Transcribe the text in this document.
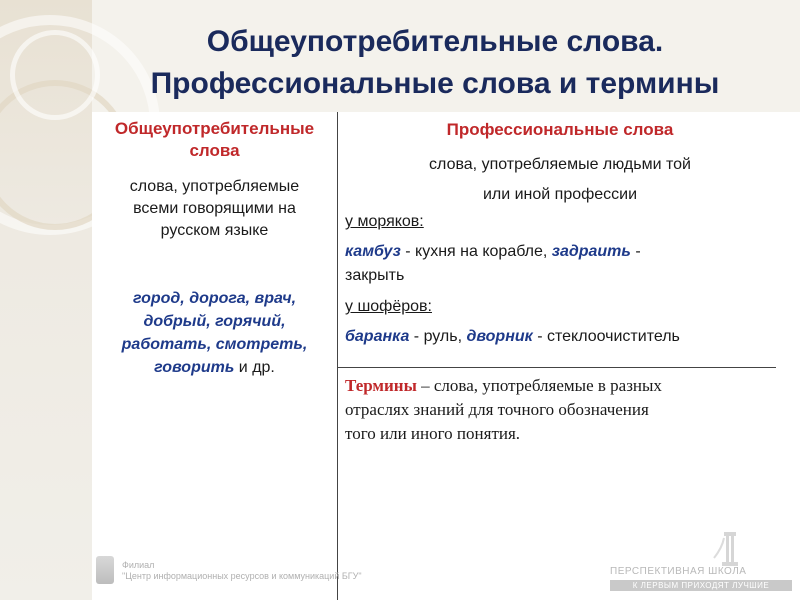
Общеупотребительные слова.
Профессиональные слова и термины
Общеупотребительные
слова
слова, употребляемые
всеми говорящими на
русском языке
город, дорога, врач,
добрый, горячий,
работать, смотреть,
говорить и др.
Профессиональные слова
слова, употребляемые людьми той
или иной профессии
у моряков:
камбуз - кухня на корабле, задраить -
закрыть
у шофёров:
баранка - руль, дворник - стеклоочиститель
Термины – слова, употребляемые в разных
отраслях знаний для точного обозначения
того или иного понятия.
Филиал
"Центр информационных ресурсов и коммуникаций БГУ"	ПЕРСПЕКТИВНАЯ ШКОЛА
К ЛЕРВЫМ ПРИХОДЯТ ЛУЧШИЕ
